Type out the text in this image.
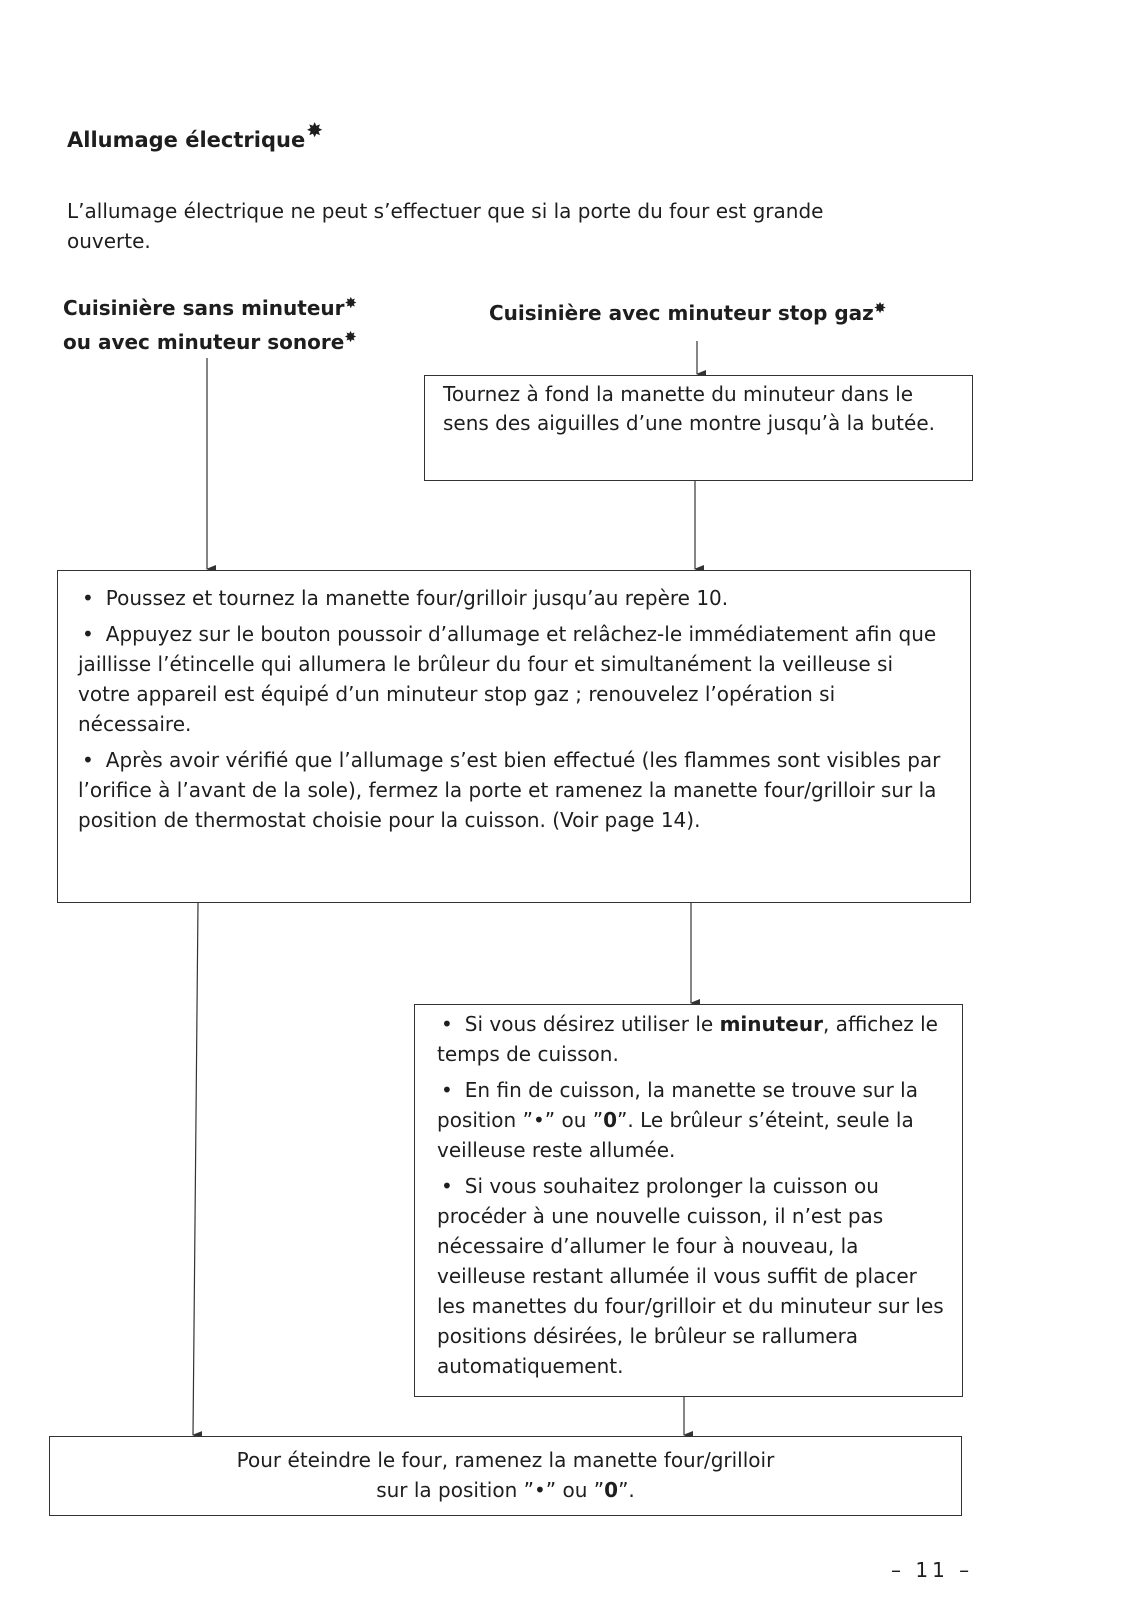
Allumage électrique✸
L’allumage électrique ne peut s’effectuer que si la porte du four est grande ouverte.
Cuisinière sans minuteur✸
ou avec minuteur sonore✸
Cuisinière avec minuteur stop gaz✸
Tournez à fond la manette du minuteur dans le sens des aiguilles d’une montre jusqu’à la butée.

• Poussez et tournez la manette four/grilloir jusqu’au repère 10.

• Appuyez sur le bouton poussoir d’allumage et relâchez-le immédiatement afin que jaillisse l’étincelle qui allumera le brûleur du four et simultanément la veilleuse si votre appareil est équipé d’un minuteur stop gaz ; renouvelez l’opération si nécessaire.

• Après avoir vérifié que l’allumage s’est bien effectué (les flammes sont visibles par l’orifice à l’avant de la sole), fermez la porte et ramenez la manette four/grilloir sur la position de thermostat choisie pour la cuisson. (Voir page 14).

• Si vous désirez utiliser le minuteur, affichez le temps de cuisson.

• En fin de cuisson, la manette se trouve sur la position ”•” ou ”0”. Le brûleur s’éteint, seule la veilleuse reste allumée.

• Si vous souhaitez prolonger la cuisson ou procéder à une nouvelle cuisson, il n’est pas nécessaire d’allumer le four à nouveau, la veilleuse restant allumée il vous suffit de placer les manettes du four/grilloir et du minuteur sur les positions désirées, le brûleur se rallumera automatiquement.

Pour éteindre le four, ramenez la manette four/grilloir
sur la position ”•” ou ”0”.
– 11 –
